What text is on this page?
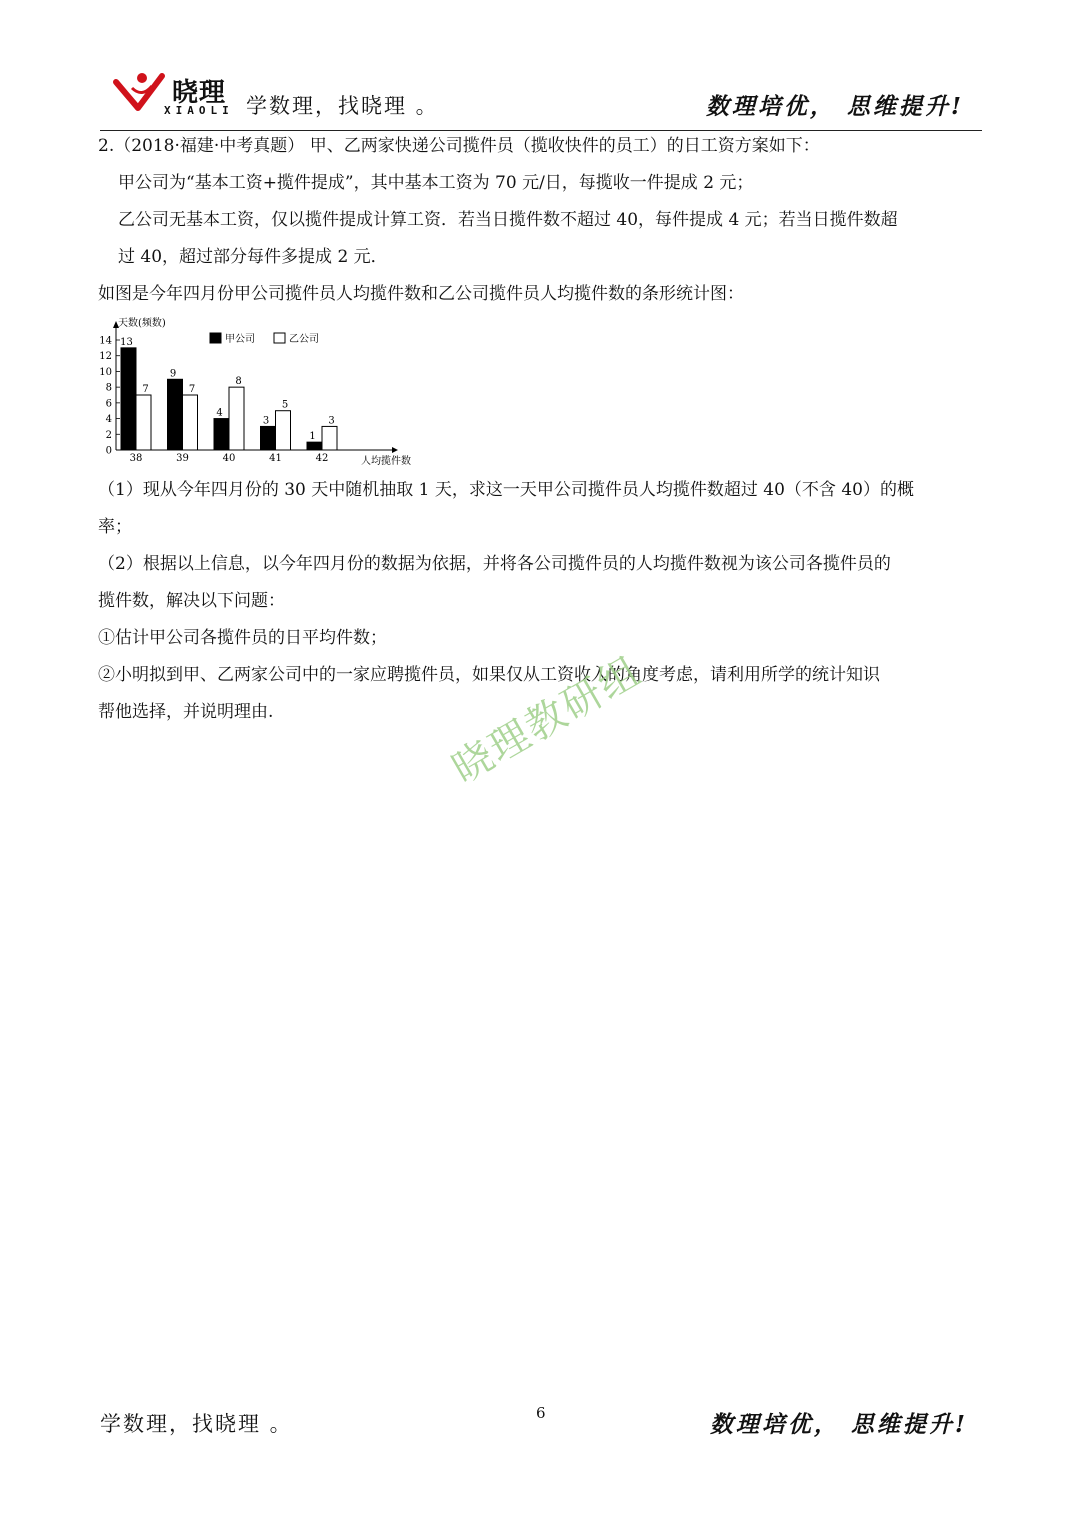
晓理
XIAOLI 学数理，找晓理 。	数理培优， 思维提升!

2.（2018·福建·中考真题） 甲、乙两家快递公司揽件员（揽收快件的员工）的日工资方案如下：

甲公司为“基本工资+揽件提成”，其中基本工资为 70 元/日，每揽收一件提成 2 元；

乙公司无基本工资，仅以揽件提成计算工资．若当日揽件数不超过 40，每件提成 4 元；若当日揽件数超

过 40，超过部分每件多提成 2 元．

如图是今年四月份甲公司揽件员人均揽件数和乙公司揽件员人均揽件数的条形统计图：

0
2
4
6
8
10
12
14
天数(频数)
人均揽件数
甲公司	乙公司
13
7
38
9
7
39
4
8
40
3
5
41
1
3
42

（1）现从今年四月份的 30 天中随机抽取 1 天，求这一天甲公司揽件员人均揽件数超过 40（不含 40）的概

率；

（2）根据以上信息，以今年四月份的数据为依据，并将各公司揽件员的人均揽件数视为该公司各揽件员的

揽件数，解决以下问题：

①估计甲公司各揽件员的日平均件数；

②小明拟到甲、乙两家公司中的一家应聘揽件员，如果仅从工资收入的角度考虑，请利用所学的统计知识

帮他选择，并说明理由.	晓理教研组
学数理，找晓理 。	6	数理培优， 思维提升!
